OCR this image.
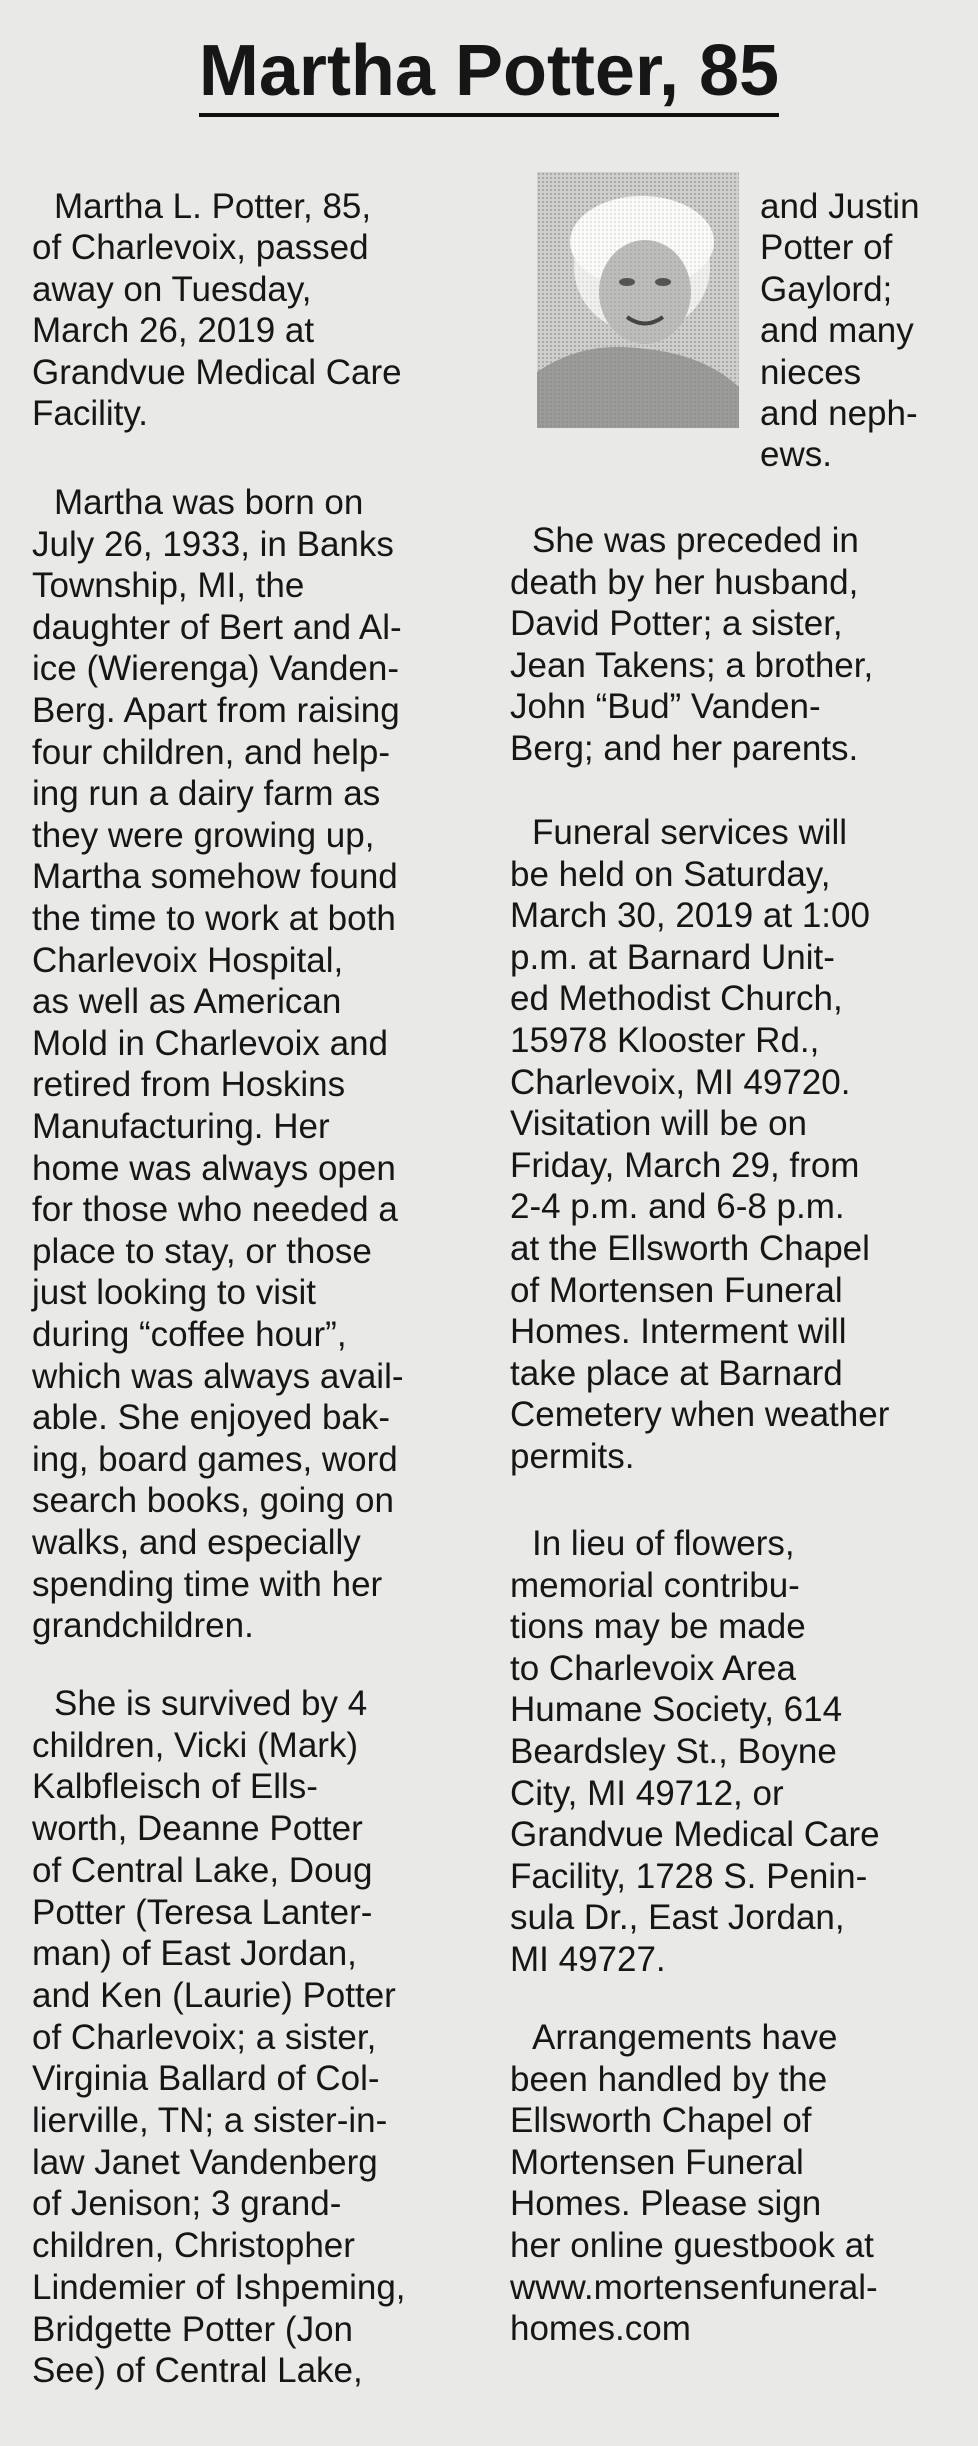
Martha Potter, 85
Martha L. Potter, 85,
of Charlevoix, passed
away on Tuesday,
March 26, 2019 at
Grandvue Medical Care
Facility.
Martha was born on
July 26, 1933, in Banks
Township, MI, the
daughter of Bert and Al-
ice (Wierenga) Vanden-
Berg. Apart from raising
four children, and help-
ing run a dairy farm as
they were growing up,
Martha somehow found
the time to work at both
Charlevoix Hospital,
as well as American
Mold in Charlevoix and
retired from Hoskins
Manufacturing. Her
home was always open
for those who needed a
place to stay, or those
just looking to visit
during “coffee hour”,
which was always avail-
able. She enjoyed bak-
ing, board games, word
search books, going on
walks, and especially
spending time with her
grandchildren.
She is survived by 4
children, Vicki (Mark)
Kalbfleisch of Ells-
worth, Deanne Potter
of Central Lake, Doug
Potter (Teresa Lanter-
man) of East Jordan,
and Ken (Laurie) Potter
of Charlevoix; a sister,
Virginia Ballard of Col-
lierville, TN; a sister-in-
law Janet Vandenberg
of Jenison; 3 grand-
children, Christopher
Lindemier of Ishpeming,
Bridgette Potter (Jon
See) of Central Lake,
and Justin
Potter of
Gaylord;
and many
nieces
and neph-
ews.
She was preceded in
death by her husband,
David Potter; a sister,
Jean Takens; a brother,
John “Bud” Vanden-
Berg; and her parents.
Funeral services will
be held on Saturday,
March 30, 2019 at 1:00
p.m. at Barnard Unit-
ed Methodist Church,
15978 Klooster Rd.,
Charlevoix, MI 49720.
Visitation will be on
Friday, March 29, from
2-4 p.m. and 6-8 p.m.
at the Ellsworth Chapel
of Mortensen Funeral
Homes. Interment will
take place at Barnard
Cemetery when weather
permits.
In lieu of flowers,
memorial contribu-
tions may be made
to Charlevoix Area
Humane Society, 614
Beardsley St., Boyne
City, MI 49712, or
Grandvue Medical Care
Facility, 1728 S. Penin-
sula Dr., East Jordan,
MI 49727.
Arrangements have
been handled by the
Ellsworth Chapel of
Mortensen Funeral
Homes. Please sign
her online guestbook at
www.mortensenfuneral-
homes.com
